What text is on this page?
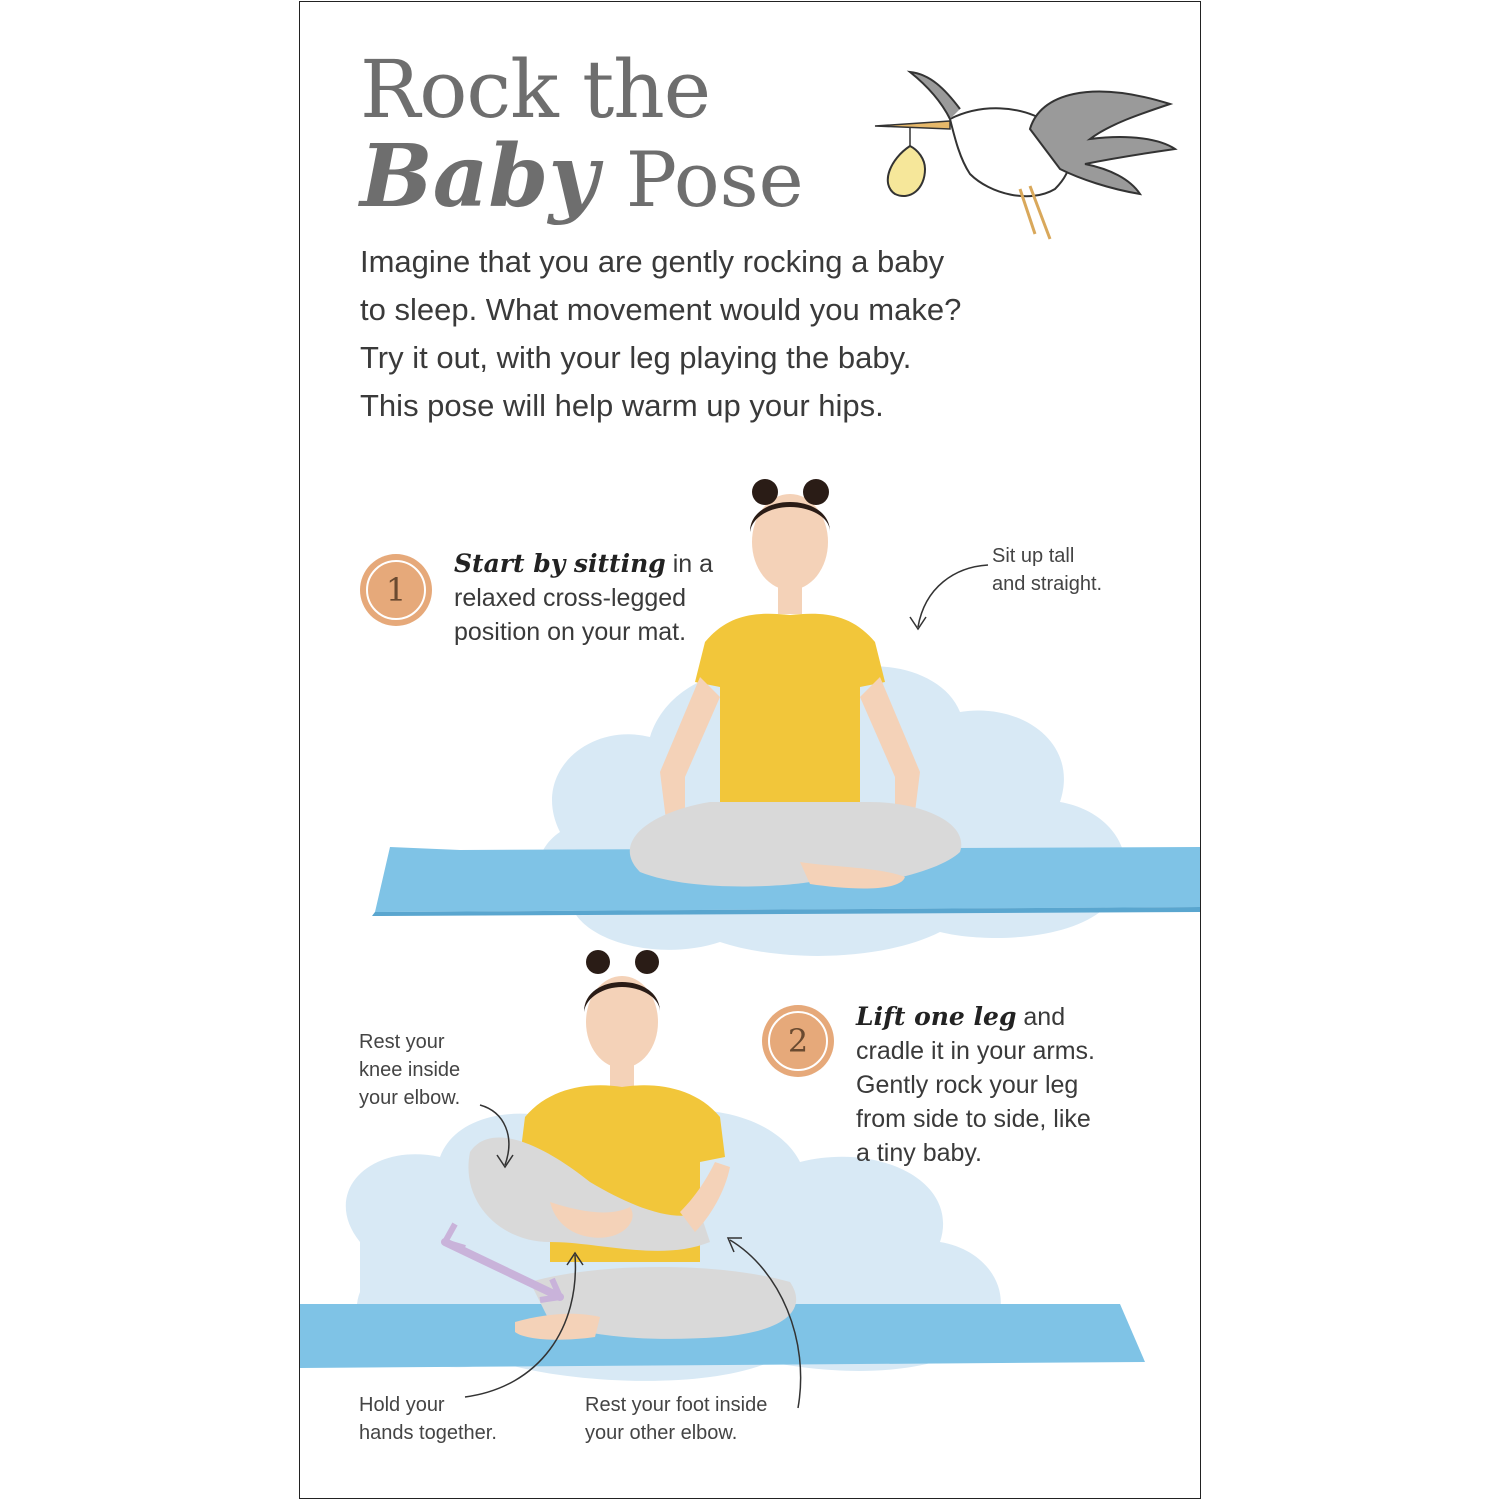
Rock the
Baby Pose
Imagine that you are gently rocking a baby
to sleep. What movement would you make?
Try it out, with your leg playing the baby.
This pose will help warm up your hips.
1
Start by sitting in a
relaxed cross-legged
position on your mat.
Sit up tall
and straight.
2
Lift one leg and
cradle it in your arms.
Gently rock your leg
from side to side, like
a tiny baby.
Rest your
knee inside
your elbow.
Hold your
hands together.
Rest your foot inside
your other elbow.
